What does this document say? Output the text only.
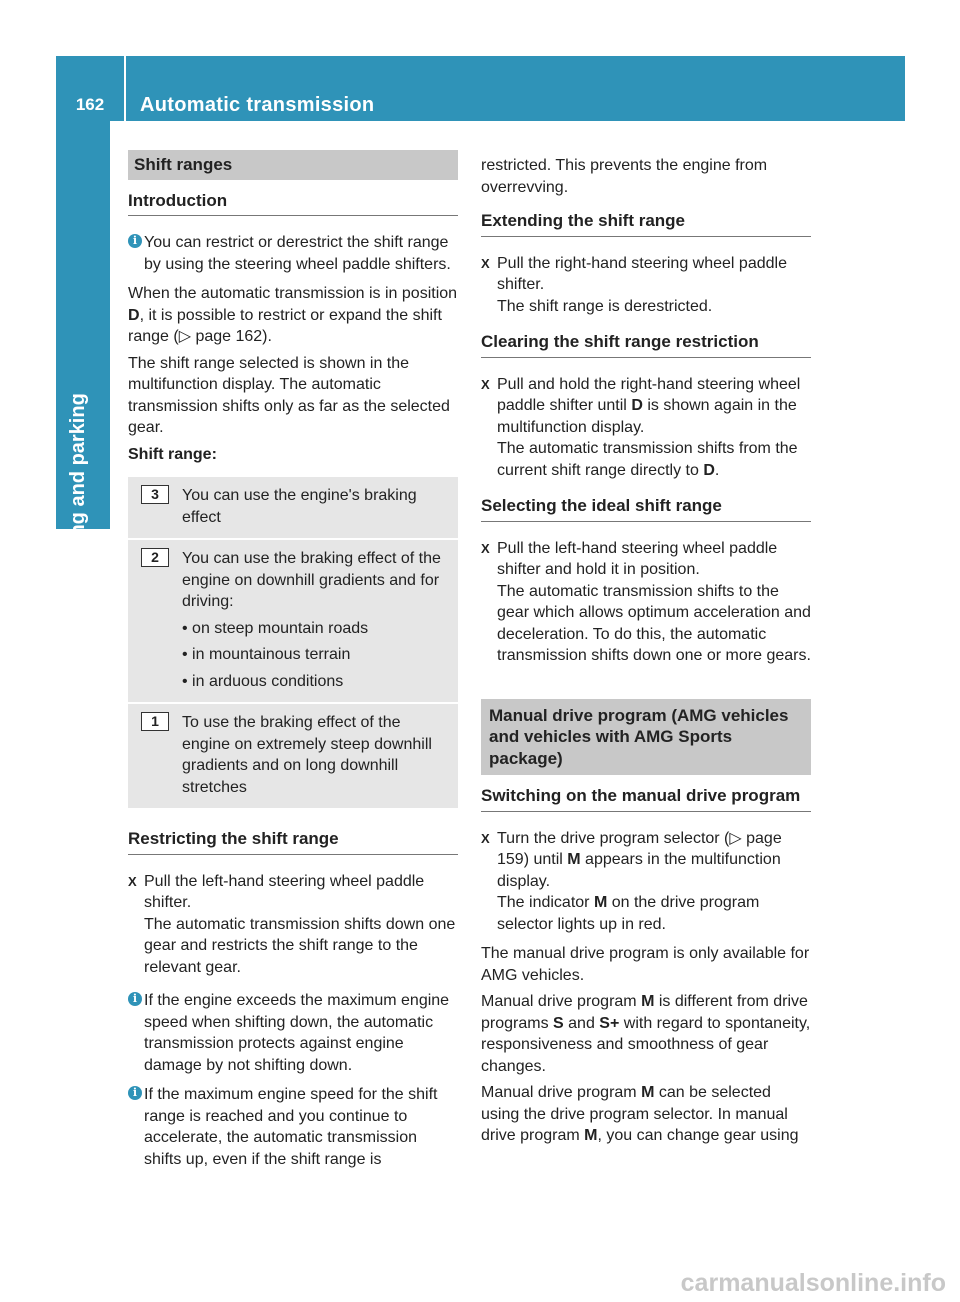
162	Automatic transmission
Driving and parking
Shift ranges
Introduction
i You can restrict or derestrict the shift range by using the steering wheel paddle shifters.

When the automatic transmission is in position D, it is possible to restrict or expand the shift range (▷ page 162).

The shift range selected is shown in the multifunction display. The automatic transmission shifts only as far as the selected gear.

Shift range:

3	You can use the engine's braking effect
2	You can use the braking effect of the engine on downhill gradients and for driving:
• on steep mountain roads
• in mountainous terrain
• in arduous conditions
1	To use the braking effect of the engine on extremely steep downhill gradients and on long downhill stretches
Restricting the shift range
X Pull the left-hand steering wheel paddle shifter.
The automatic transmission shifts down one gear and restricts the shift range to the relevant gear.
i If the engine exceeds the maximum engine speed when shifting down, the automatic transmission protects against engine damage by not shifting down.
i If the maximum engine speed for the shift range is reached and you continue to accelerate, the automatic transmission shifts up, even if the shift range is

restricted. This prevents the engine from overrevving.

Extending the shift range
X Pull the right-hand steering wheel paddle shifter.
The shift range is derestricted.
Clearing the shift range restriction
X Pull and hold the right-hand steering wheel paddle shifter until D is shown again in the multifunction display.
The automatic transmission shifts from the current shift range directly to D.
Selecting the ideal shift range
X Pull the left-hand steering wheel paddle shifter and hold it in position.
The automatic transmission shifts to the gear which allows optimum acceleration and deceleration. To do this, the automatic transmission shifts down one or more gears.
Manual drive program (AMG vehicles and vehicles with AMG Sports package)
Switching on the manual drive program
X Turn the drive program selector (▷ page 159) until M appears in the multifunction display.
The indicator M on the drive program selector lights up in red.

The manual drive program is only available for AMG vehicles.

Manual drive program M is different from drive programs S and S+ with regard to spontaneity, responsiveness and smoothness of gear changes.

Manual drive program M can be selected using the drive program selector. In manual drive program M, you can change gear using

carmanualsonline.info
